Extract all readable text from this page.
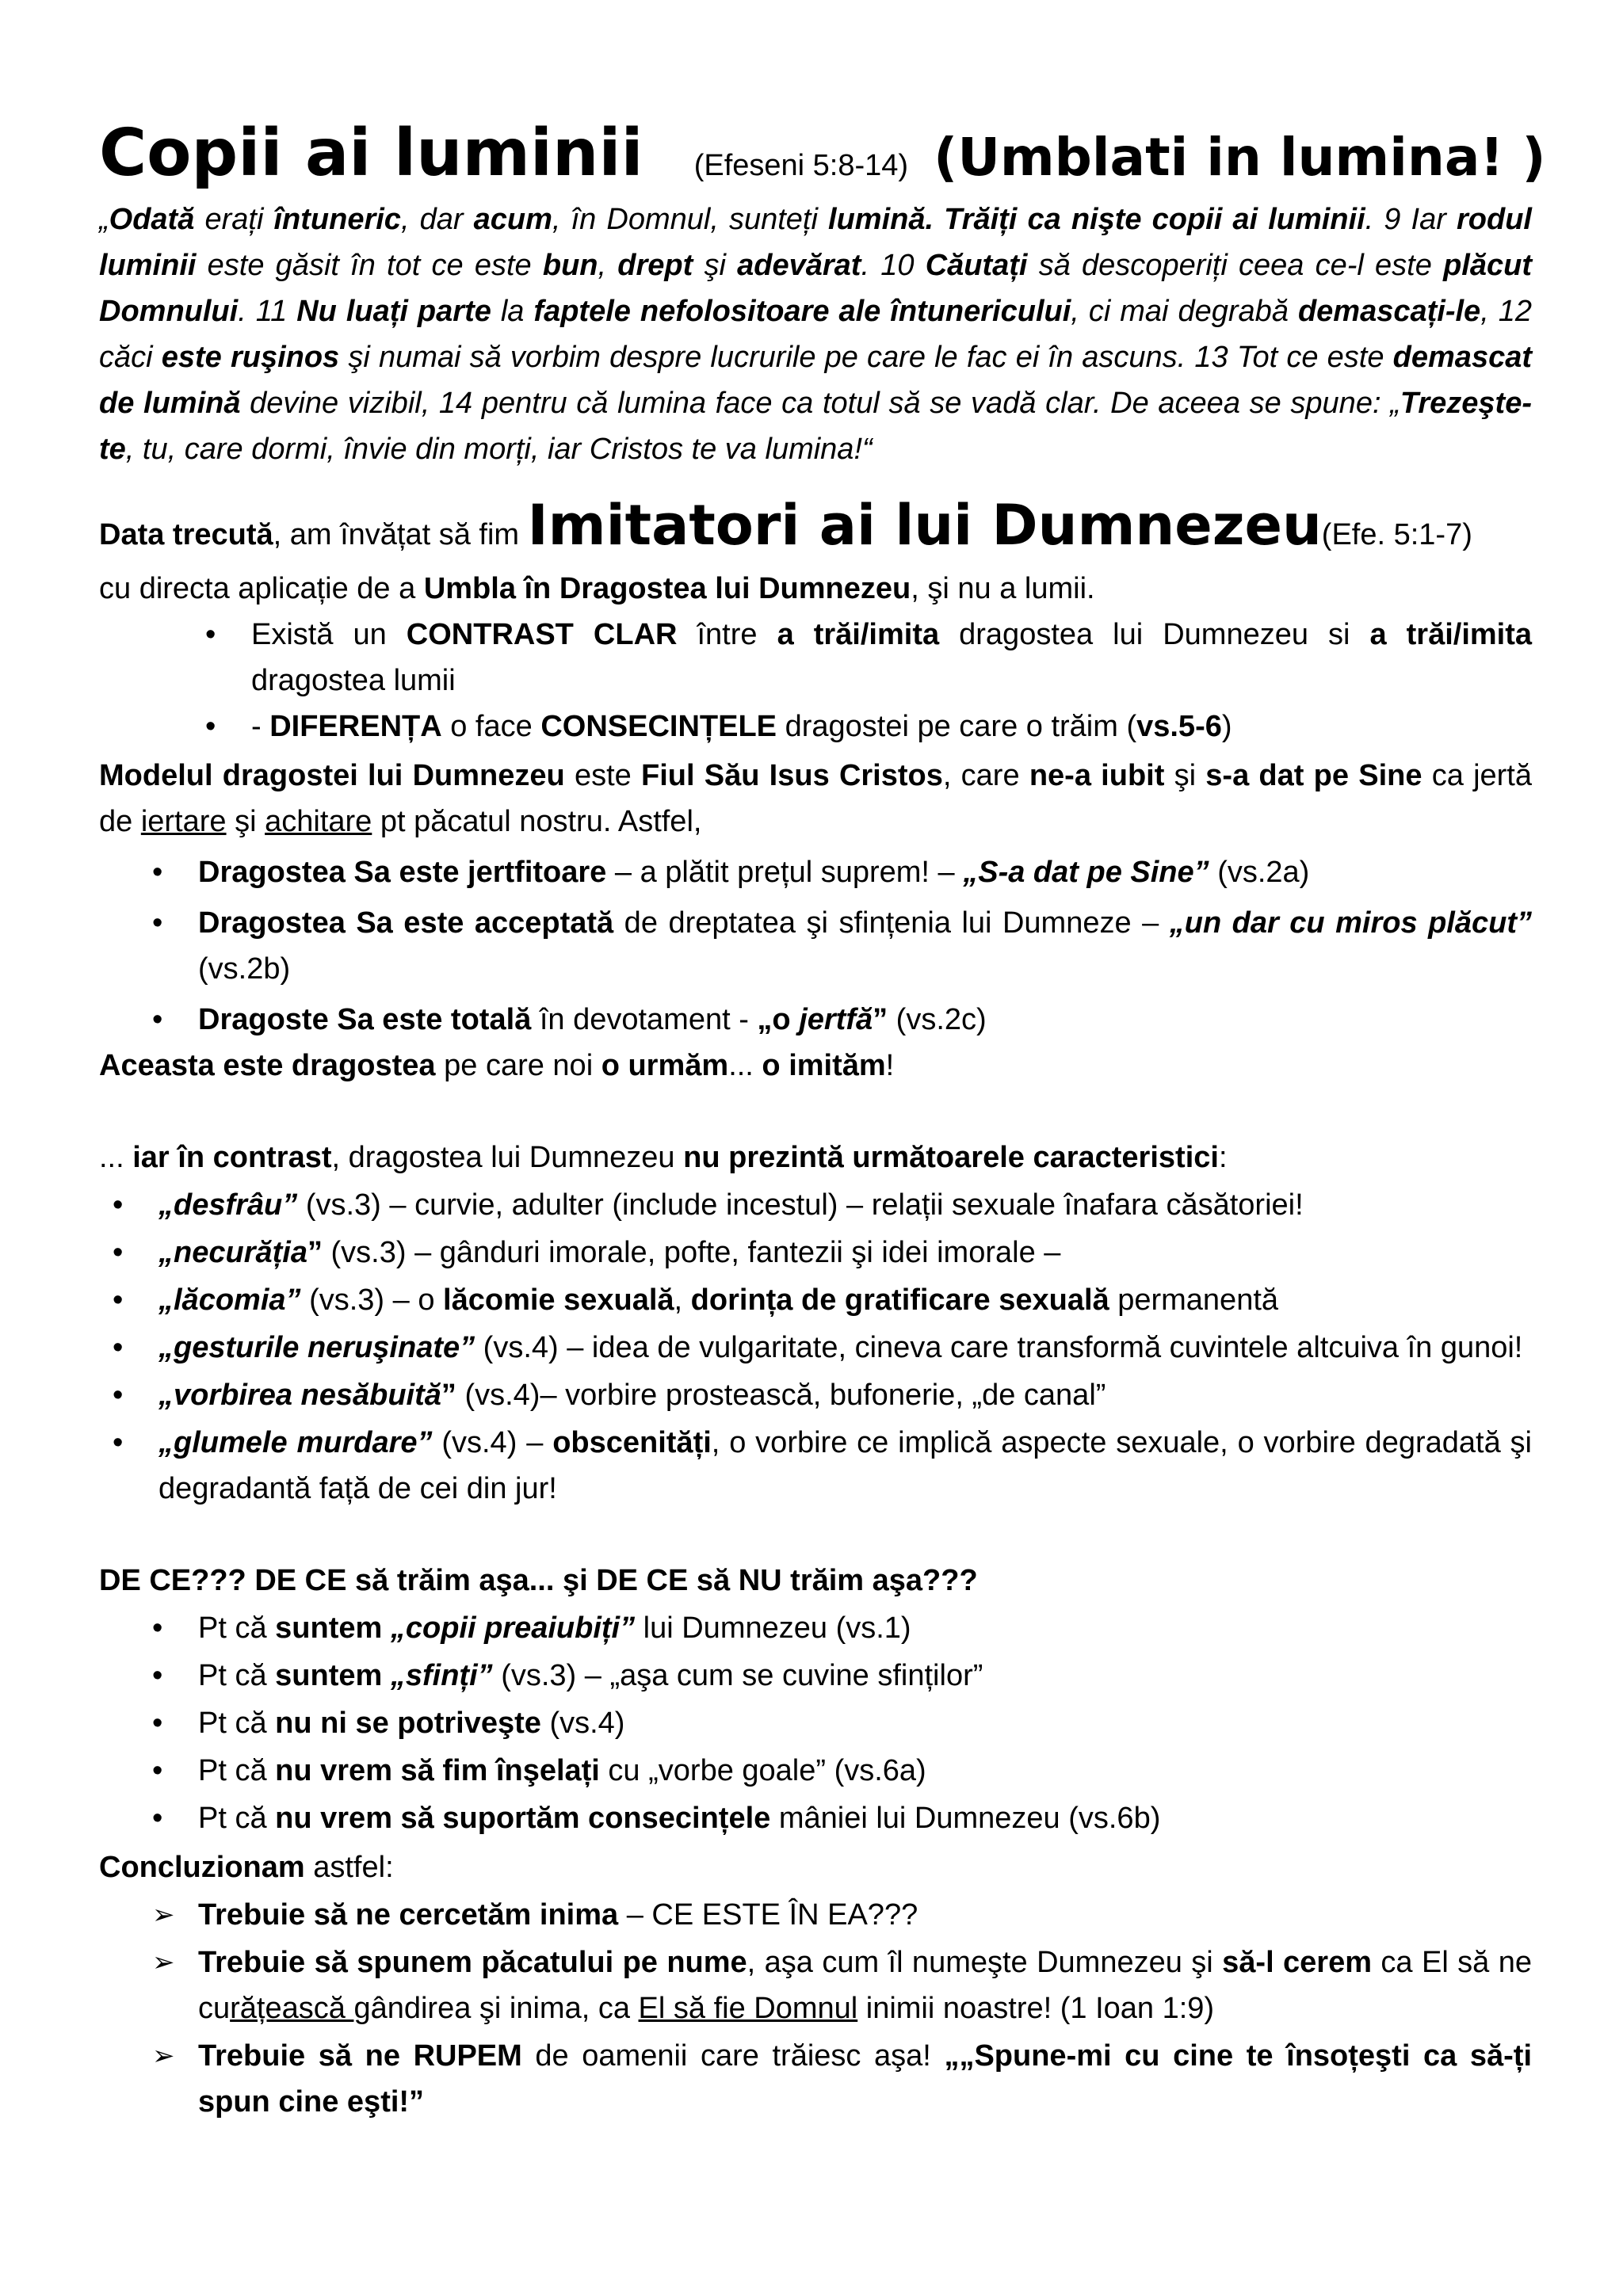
Copii ai luminii (Efeseni 5:8-14) (Umblati in lumina! )

„Odată erați întuneric, dar acum, în Domnul, sunteți lumină. Trăiți ca nişte copii ai luminii. 9 Iar rodul luminii este găsit în tot ce este bun, drept şi adevărat. 10 Căutați să descoperiți ceea ce-l este plăcut Domnului. 11 Nu luați parte la faptele nefolositoare ale întunericului, ci mai degrabă demascați-le, 12 căci este ruşinos şi numai să vorbim despre lucrurile pe care le fac ei în ascuns. 13 Tot ce este demascat de lumină devine vizibil, 14 pentru că lumina face ca totul să se vadă clar. De aceea se spune: „Trezeşte-te, tu, care dormi, învie din morți, iar Cristos te va lumina!“

Data trecută, am învățat să fim Imitatori ai lui Dumnezeu(Efe. 5:1-7)

cu directa aplicație de a Umbla în Dragostea lui Dumnezeu, şi nu a lumii.

• Există un CONTRAST CLAR între a trăi/imita dragostea lui Dumnezeu si a trăi/imita dragostea lumii
• - DIFERENȚA o face CONSECINȚELE dragostei pe care o trăim (vs.5-6)

Modelul dragostei lui Dumnezeu este Fiul Său Isus Cristos, care ne-a iubit şi s-a dat pe Sine ca jertă de iertare şi achitare pt păcatul nostru. Astfel,

• Dragostea Sa este jertfitoare – a plătit prețul suprem! – „S-a dat pe Sine” (vs.2a)
• Dragostea Sa este acceptată de dreptatea şi sfințenia lui Dumneze – „un dar cu miros plăcut” (vs.2b)
• Dragoste Sa este totală în devotament - „o jertfă” (vs.2c)

Aceasta este dragostea pe care noi o urmăm... o imităm!

... iar în contrast, dragostea lui Dumnezeu nu prezintă următoarele caracteristici:

• „desfrâu” (vs.3) – curvie, adulter (include incestul) – relații sexuale înafara căsătoriei!
• „necurăția” (vs.3) – gânduri imorale, pofte, fantezii şi idei imorale –
• „lăcomia” (vs.3) – o lăcomie sexuală, dorința de gratificare sexuală permanentă
• „gesturile neruşinate” (vs.4) – idea de vulgaritate, cineva care transformă cuvintele altcuiva în gunoi!
• „vorbirea nesăbuită” (vs.4)– vorbire prostească, bufonerie, „de canal”
• „glumele murdare” (vs.4) – obscenități, o vorbire ce implică aspecte sexuale, o vorbire degradată şi degradantă față de cei din jur!

DE CE??? DE CE să trăim aşa... şi DE CE să NU trăim aşa???

• Pt că suntem „copii preaiubiți” lui Dumnezeu (vs.1)
• Pt că suntem „sfinți” (vs.3) – „aşa cum se cuvine sfinților”
• Pt că nu ni se potriveşte (vs.4)
• Pt că nu vrem să fim înşelați cu „vorbe goale” (vs.6a)
• Pt că nu vrem să suportăm consecințele mâniei lui Dumnezeu (vs.6b)

Concluzionam astfel:

➢ Trebuie să ne cercetăm inima – CE ESTE ÎN EA???
➢ Trebuie să spunem păcatului pe nume, aşa cum îl numeşte Dumnezeu şi să-l cerem ca El să ne curățească gândirea şi inima, ca El să fie Domnul inimii noastre! (1 Ioan 1:9)
➢ Trebuie să ne RUPEM de oamenii care trăiesc aşa! „„Spune-mi cu cine te însoțeşti ca să-ți spun cine eşti!”
